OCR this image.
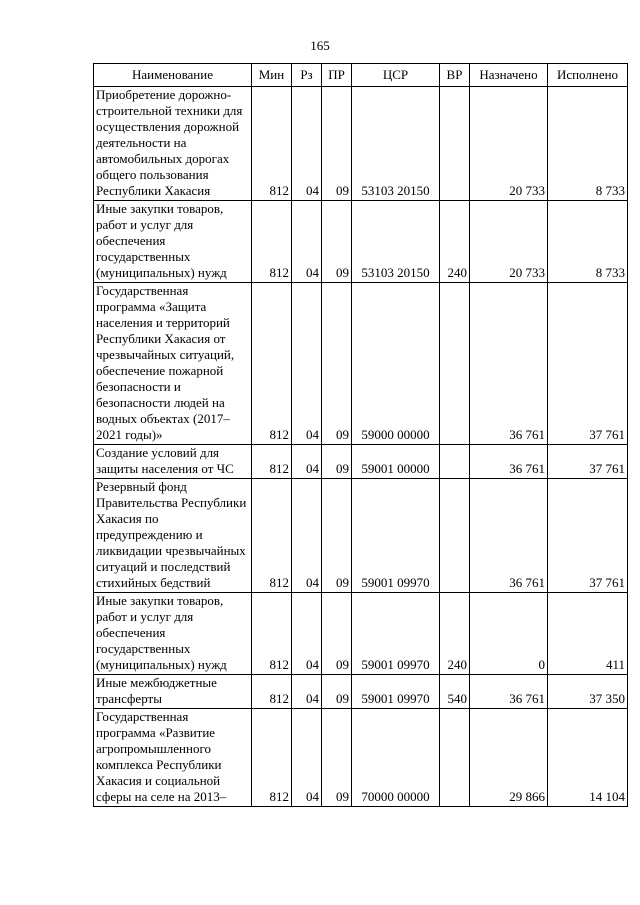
165
Наименование	Мин	Рз	ПР	ЦСР	ВР	Назначено	Исполнено
Приобретение дорожно-строительной техники для осуществления дорожной деятельности на автомобильных дорогах общего пользования Республики Хакасия	812	04	09	53103 20150		20 733	8 733
Иные закупки товаров, работ и услуг для обеспечения государственных (муниципальных) нужд	812	04	09	53103 20150	240	20 733	8 733
Государственная программа «Защита населения и территорий Республики Хакасия от чрезвычайных ситуаций, обеспечение пожарной безопасности и безопасности людей на водных объектах (2017–2021 годы)»	812	04	09	59000 00000		36 761	37 761
Создание условий для защиты населения от ЧС	812	04	09	59001 00000		36 761	37 761
Резервный фонд Правительства Республики Хакасия по предупреждению и ликвидации чрезвычайных ситуаций и последствий стихийных бедствий	812	04	09	59001 09970		36 761	37 761
Иные закупки товаров, работ и услуг для обеспечения государственных (муниципальных) нужд	812	04	09	59001 09970	240	0	411
Иные межбюджетные трансферты	812	04	09	59001 09970	540	36 761	37 350
Государственная программа «Развитие агропромышленного комплекса Республики Хакасия и социальной сферы на селе на 2013–	812	04	09	70000 00000		29 866	14 104
